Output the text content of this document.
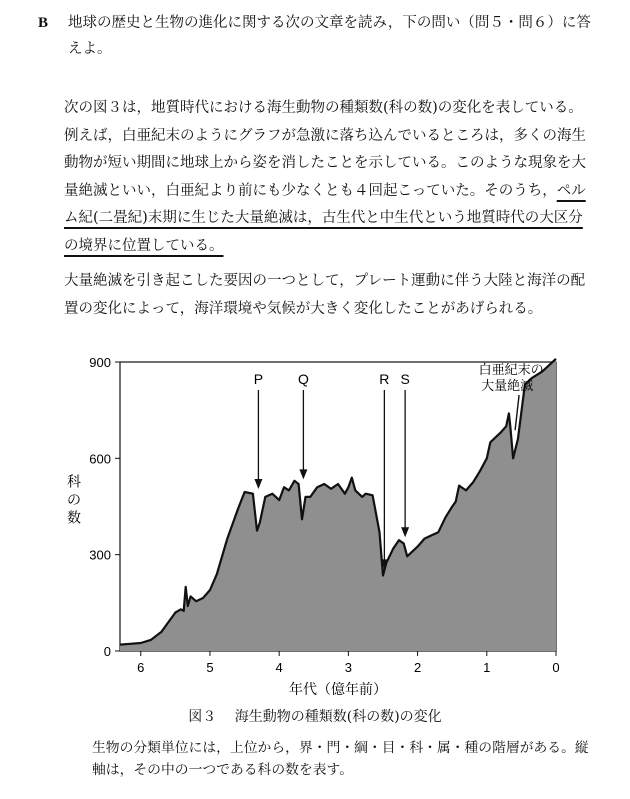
B	地球の歴史と生物の進化に関する次の文章を読み，下の問い（問５・問６）に答えよ。
次の図３は，地質時代における海生動物の種類数(科の数)の変化を表している。例えば，白亜紀末のようにグラフが急激に落ち込んでいるところは，多くの海生動物が短い期間に地球上から姿を消したことを示している。このような現象を大量絶滅といい，白亜紀より前にも少なくとも４回起こっていた。そのうち，ペルム紀(二畳紀)末期に生じた大量絶滅は，古生代と中生代という地質時代の大区分の境界に位置している。
大量絶滅を引き起こした要因の一つとして，プレート運動に伴う大陸と海洋の配置の変化によって，海洋環境や気候が大きく変化したことがあげられる。
0
300
600
900
6	5	4	3	2	1	0
P Q	R S
年代（億年前）
科の数
白亜紀末の
大量絶滅
図３ 海生動物の種類数(科の数)の変化
生物の分類単位には，上位から，界・門・綱・目・科・属・種の階層がある。縦軸は，その中の一つである科の数を表す。
